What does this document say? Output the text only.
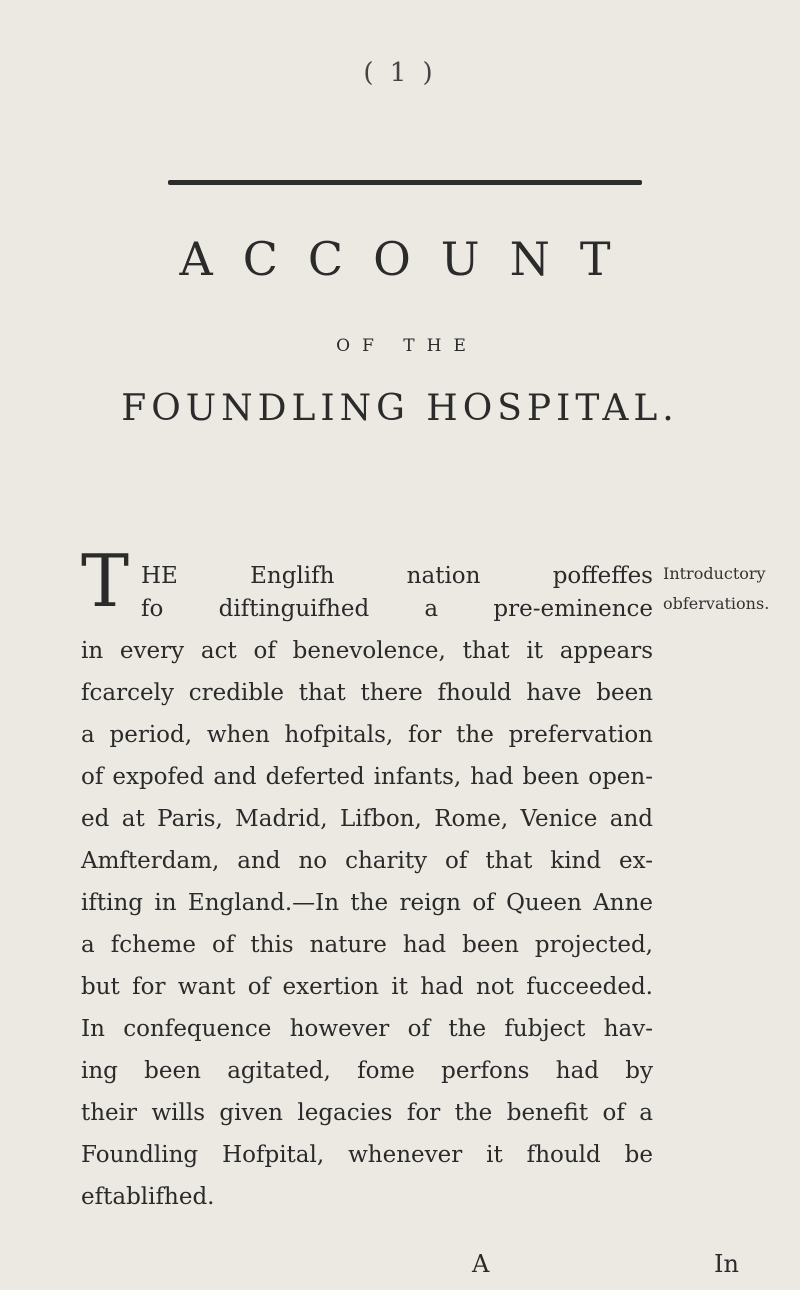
( 1 )
ACCOUNT
OF THE
FOUNDLING HOSPITAL.
Introductory
obfervations.
T HE Englifh nation poffeffes
fo diftinguifhed a pre-eminence
in every act of benevolence, that it appears
fcarcely credible that there fhould have been
a period, when hofpitals, for the prefervation
of expofed and deferted infants, had been open-
ed at Paris, Madrid, Lifbon, Rome, Venice and
Amfterdam, and no charity of that kind ex-
ifting in England.—In the reign of Queen Anne
a fcheme of this nature had been projected,
but for want of exertion it had not fucceeded.
In confequence however of the fubject hav-
ing been agitated, fome perfons had by
their wills given legacies for the benefit of a
Foundling Hofpital, whenever it fhould be
eftablifhed.
A	In
